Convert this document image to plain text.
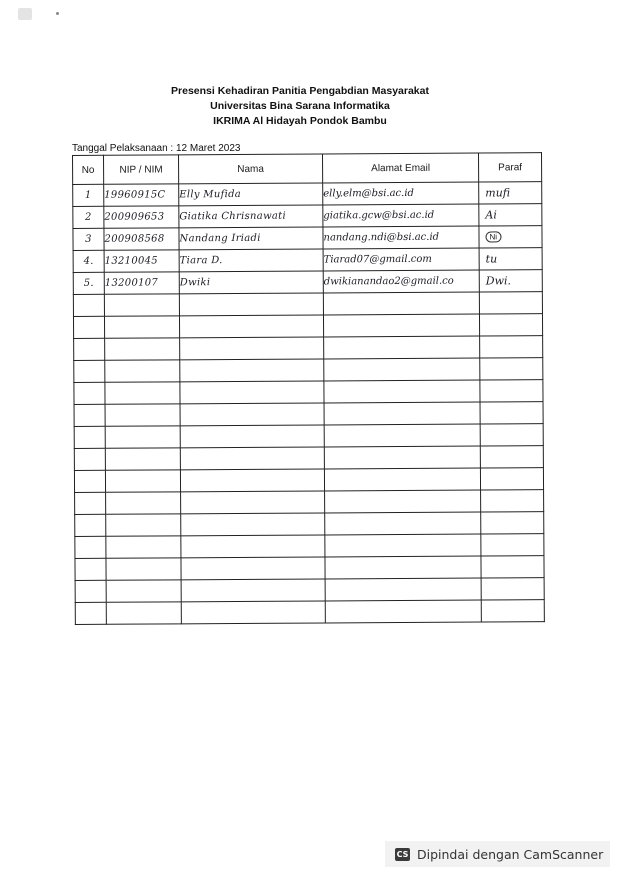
Presensi Kehadiran Panitia Pengabdian Masyarakat
Universitas Bina Sarana Informatika
IKRIMA Al Hidayah Pondok Bambu
Tanggal Pelaksanaan : 12 Maret 2023
No	NIP / NIM	Nama	Alamat Email	Paraf
1	19960915C	Elly Mufida	elly.elm@bsi.ac.id	mufi
2	200909653	Giatika Chrisnawati	giatika.gcw@bsi.ac.id	Ai
3	200908568	Nandang Iriadi	nandang.ndi@bsi.ac.id	Ni
4.	13210045	Tiara D.	Tiarad07@gmail.com	tu
5.	13200107	Dwiki	dwikianandao2@gmail.co	Dwi.

CS Dipindai dengan CamScanner
